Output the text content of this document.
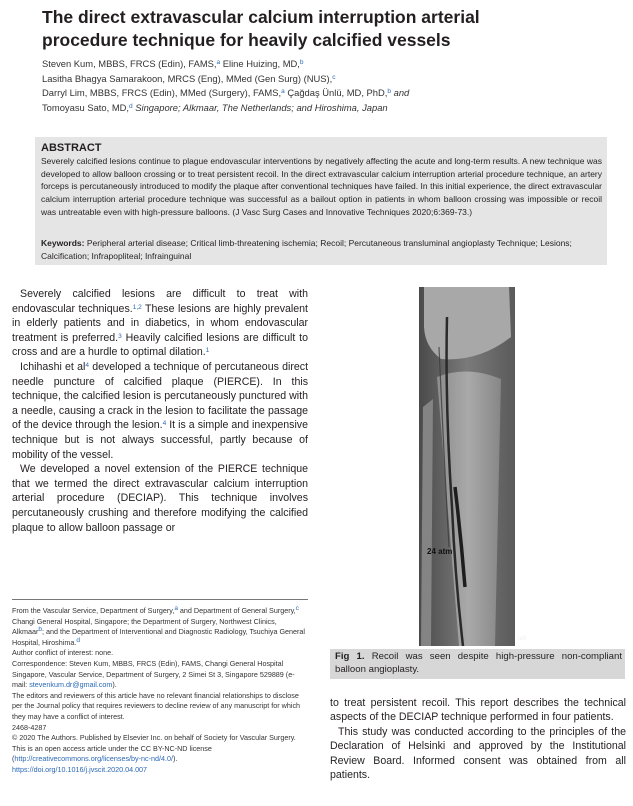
The direct extravascular calcium interruption arterial procedure technique for heavily calcified vessels

Steven Kum, MBBS, FRCS (Edin), FAMS,$^a$ Eline Huizing, MD,$^b$

Lasitha Bhagya Samarakoon, MRCS (Eng), MMed (Gen Surg) (NUS),$^c$

Darryl Lim, MBBS, FRCS (Edin), MMed (Surgery), FAMS,$^a$ Çağdaş Ünlü, MD, PhD,$^b$ and

Tomoyasu Sato, MD,$^d$ Singapore; Alkmaar, The Netherlands; and Hiroshima, Japan

ABSTRACT

Severely calcified lesions continue to plague endovascular interventions by negatively affecting the acute and long-term results. A new technique was developed to allow balloon crossing or to treat persistent recoil. In the direct extravascular calcium interruption arterial procedure technique, an artery forceps is percutaneously introduced to modify the plaque after conventional techniques have failed. In this initial experience, the direct extravascular calcium interruption arterial procedure technique was successful as a bailout option in patients in whom balloon crossing was impossible or recoil was untreatable even with high-pressure balloons. (J Vasc Surg Cases and Innovative Techniques 2020;6:369-73.)

Keywords: Peripheral arterial disease; Critical limb-threatening ischemia; Recoil; Percutaneous transluminal angioplasty Technique; Lesions; Calcification; Infrapopliteal; Infrainguinal

Severely calcified lesions are difficult to treat with endovascular techniques.$^{1,2}$ These lesions are highly prevalent in elderly patients and in diabetics, in whom endovascular treatment is preferred.$^3$ Heavily calcified lesions are difficult to cross and are a hurdle to optimal dilation.$^1$

Ichihashi et $al^4$ developed a technique of percutaneous direct needle puncture of calcified plaque (PIERCE). In this technique, the calcified lesion is percutaneously punctured with a needle, causing a crack in the lesion to facilitate the passage of the device through the lesion.$^4$ It is a simple and inexpensive technique but is not always successful, partly because of mobility of the vessel.

We developed a novel extension of the PIERCE technique that we termed the direct extravascular calcium interruption arterial procedure (DECIAP). This technique involves percutaneously crushing and therefore modifying the calcified plaque to allow balloon passage or

From the Vascular Service, Department of Surgery,$^a$ and Department of General Surgery,$^c$ Changi General Hospital, Singapore; the Department of Surgery, Northwest Clinics, Alkmaar$^b$; and the Department of Interventional and Diagnostic Radiology, Tsuchiya General Hospital, Hiroshima.$^d$

Author conflict of interest: none.

Correspondence: Steven Kum, MBBS, FRCS (Edin), FAMS, Changi General Hospital Singapore, Vascular Service, Department of Surgery, 2 Simei St 3, Singapore 529889 (e-mail: stevenkum.dr@gmail.com).

The editors and reviewers of this article have no relevant financial relationships to disclose per the Journal policy that requires reviewers to decline review of any manuscript for which they may have a conflict of interest.

2468-4287

© 2020 The Authors. Published by Elsevier Inc. on behalf of Society for Vascular Surgery. This is an open access article under the CC BY-NC-ND license (http://creativecommons.org/licenses/by-nc-nd/4.0/).

https://doi.org/10.1016/j.jvscit.2020.04.007

24 atm
left

Fig 1. Recoil was seen despite high-pressure non-compliant balloon angioplasty.

to treat persistent recoil. This report describes the technical aspects of the DECIAP technique performed in four patients.

This study was conducted according to the principles of the Declaration of Helsinki and approved by the Institutional Review Board. Informed consent was obtained from all patients.
